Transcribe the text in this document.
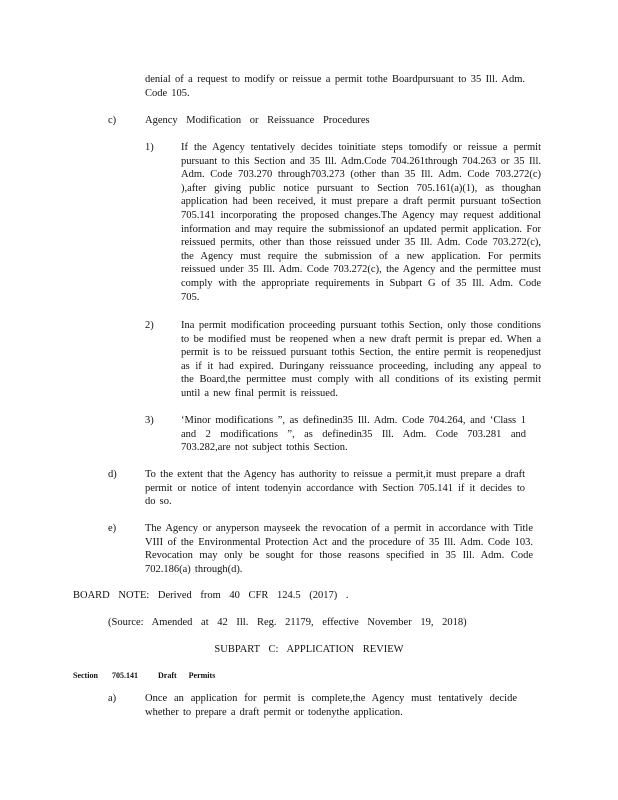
denial of a request to modify or reissue a permit tothe Boardpursuant to 35 Ill. Adm. Code 105.

c)	Agency Modification or Reissuance Procedures

1)	If the Agency tentatively decides toinitiate steps tomodify or reissue a permit pursuant to this Section and 35 Ill. Adm.Code 704.261through 704.263 or 35 Ill. Adm. Code 703.270 through703.273 (other than 35 Ill. Adm. Code 703.272(c) ),after giving public notice pursuant to Section 705.161(a)(1), as thoughan application had been received, it must prepare a draft permit pursuant toSection 705.141 incorporating the proposed changes.The Agency may request additional information and may require the submissionof an updated permit application. For reissued permits, other than those reissued under 35 Ill. Adm. Code 703.272(c), the Agency must require the submission of a new application. For permits reissued under 35 Ill. Adm. Code 703.272(c), the Agency and the permittee must comply with the appropriate requirements in Subpart G of 35 Ill. Adm. Code 705.

2)	Ina permit modification proceeding pursuant tothis Section, only those conditions to be modified must be reopened when a new draft permit is prepar ed. When a permit is to be reissued pursuant tothis Section, the entire permit is reopenedjust as if it had expired. Duringany reissuance proceeding, including any appeal to the Board,the permittee must comply with all conditions of its existing permit until a new final permit is reissued.

3)	‘Minor modifications ”, as definedin35 Ill. Adm. Code 704.264, and ‘Class 1 and 2 modifications ”, as definedin35 Ill. Adm. Code 703.281 and 703.282,are not subject tothis Section.

d)	To the extent that the Agency has authority to reissue a permit,it must prepare a draft permit or notice of intent todenyin accordance with Section 705.141 if it decides to do so.

e)	The Agency or anyperson mayseek the revocation of a permit in accordance with Title VIII of the Environmental Protection Act and the procedure of 35 Ill. Adm. Code 103. Revocation may only be sought for those reasons specified in 35 Ill. Adm. Code 702.186(a) through(d).

BOARD NOTE: Derived from 40 CFR 124.5 (2017) .

(Source: Amended at 42 Ill. Reg. 21179, effective November 19, 2018)

SUBPART C: APPLICATION REVIEW

Section 705.141	Draft Permits

a)	Once an application for permit is complete,the Agency must tentatively decide whether to prepare a draft permit or todenythe application.
